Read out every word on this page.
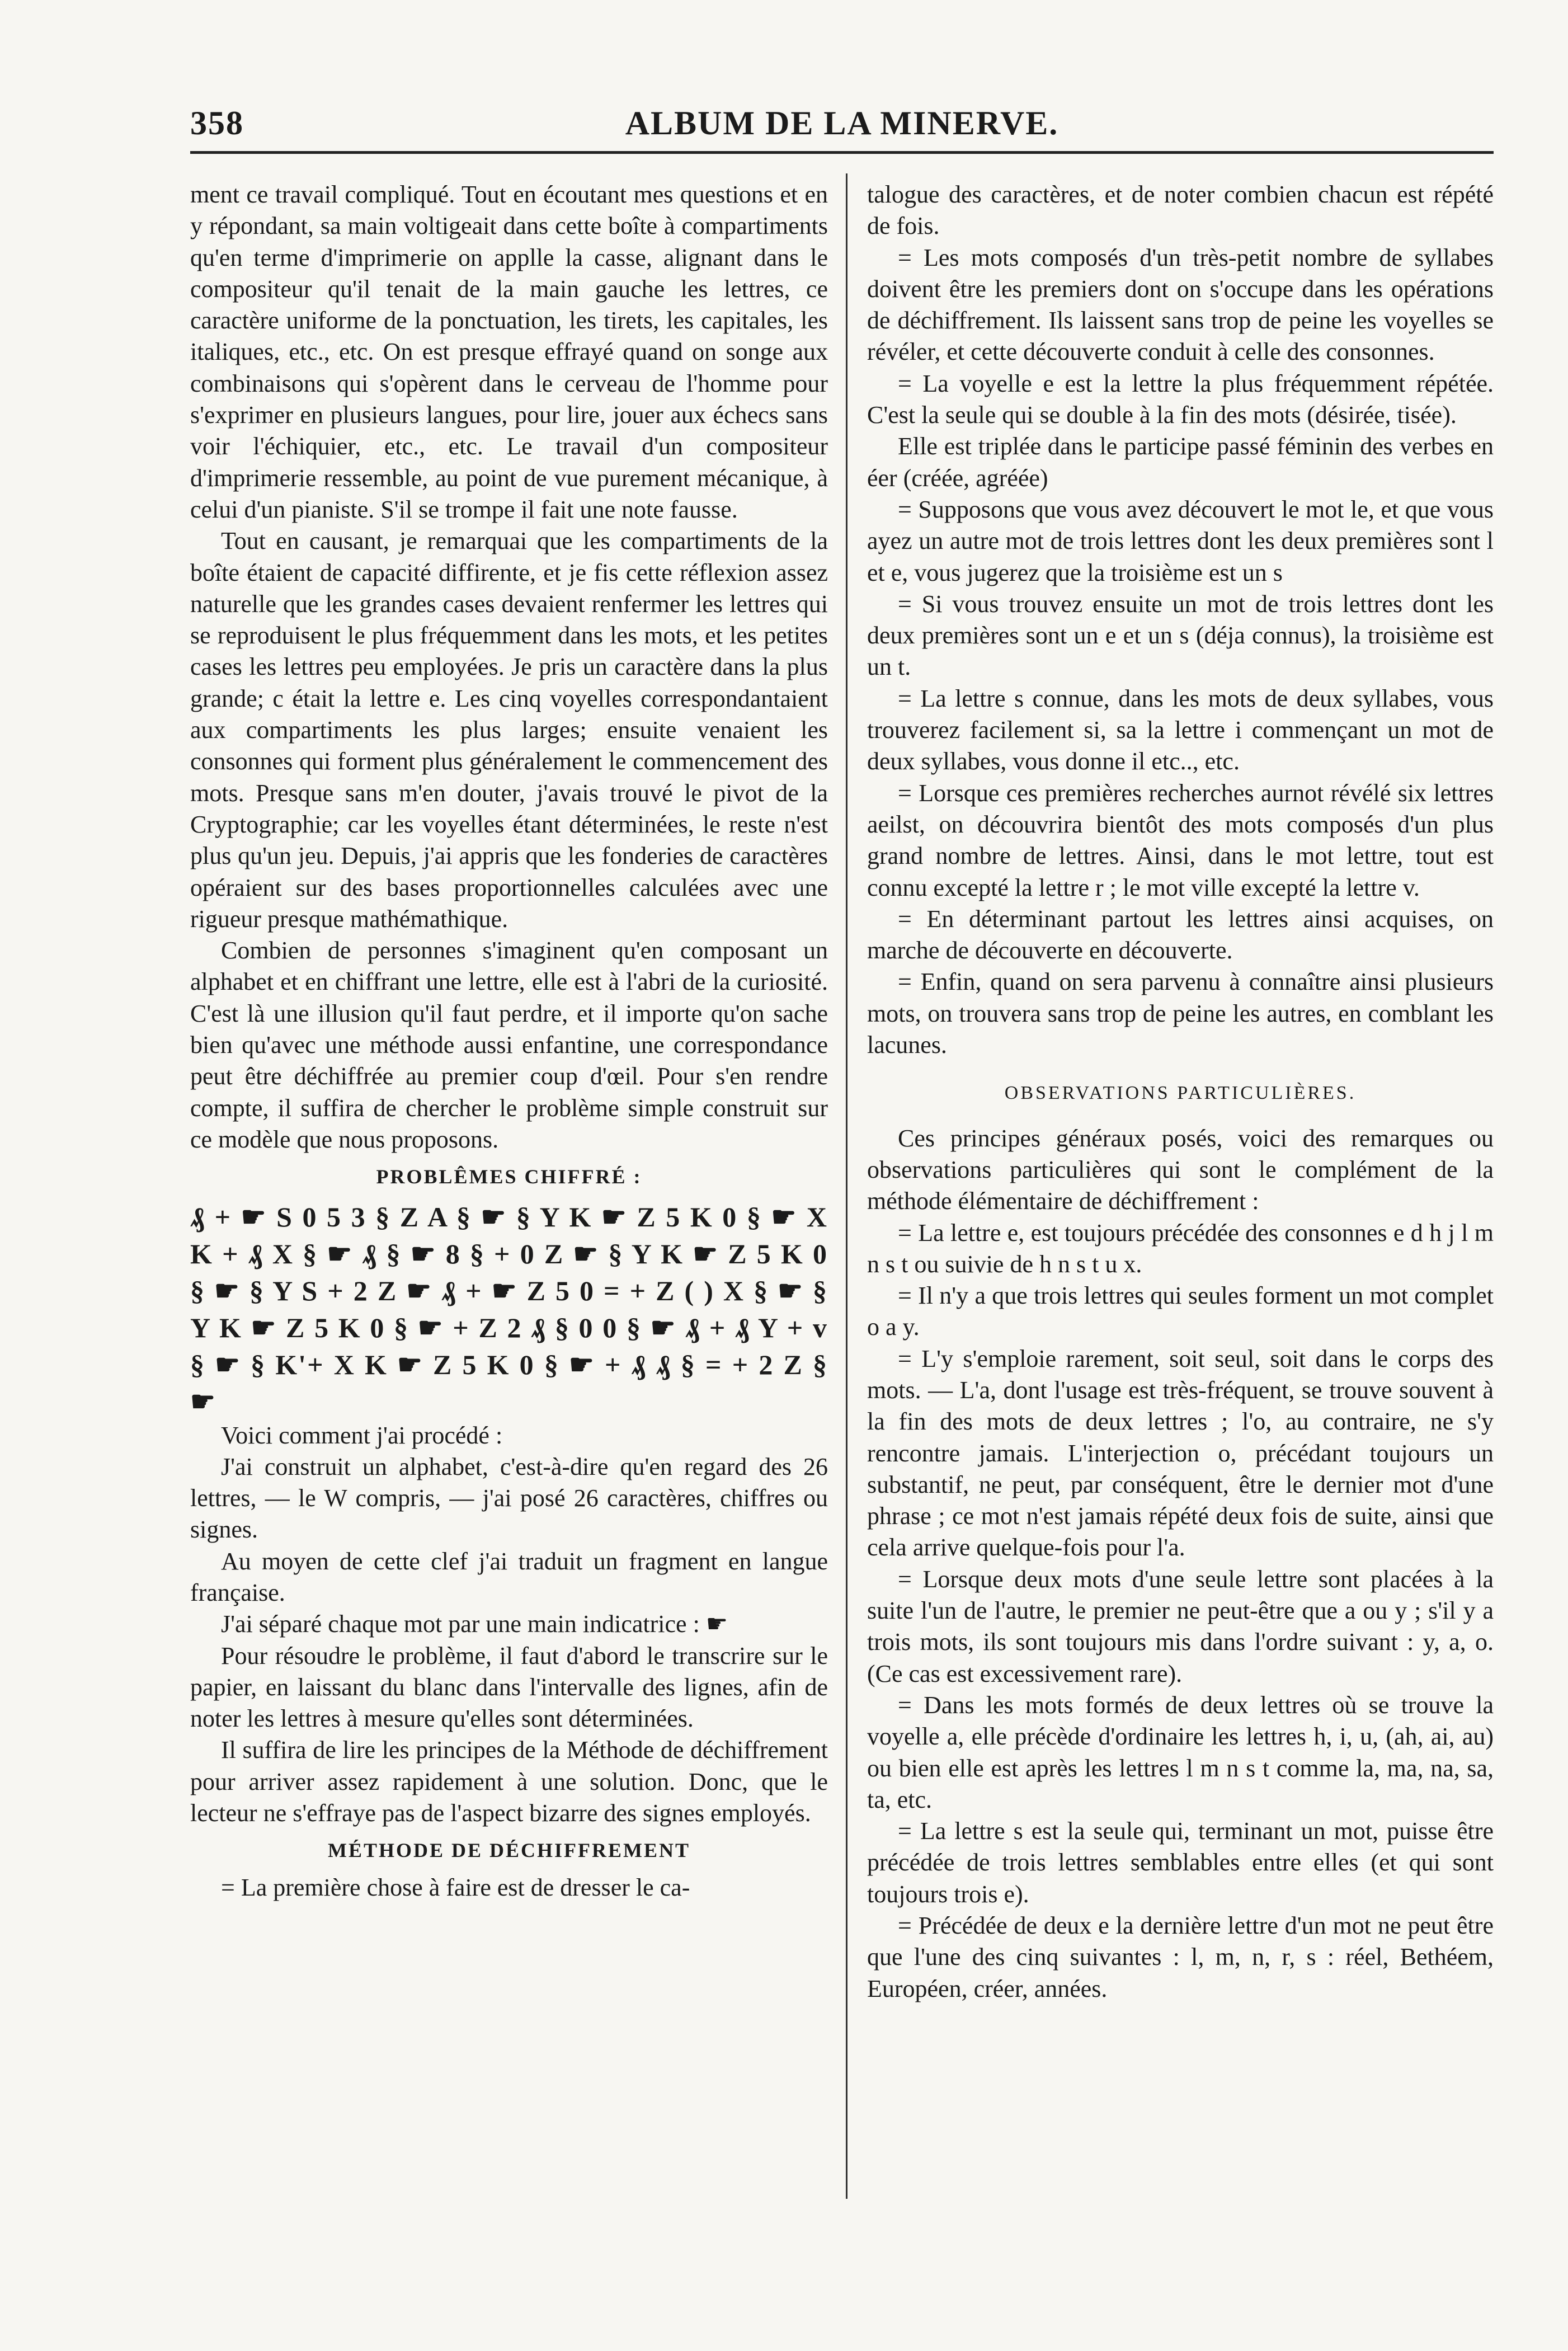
358	ALBUM DE LA MINERVE.

ment ce travail compliqué. Tout en écoutant mes questions et en y répondant, sa main voltigeait dans cette boîte à compartiments qu'en terme d'imprimerie on applle la casse, alignant dans le compositeur qu'il tenait de la main gauche les lettres, ce caractère uniforme de la ponctuation, les tirets, les capitales, les italiques, etc., etc. On est presque effrayé quand on songe aux combinaisons qui s'opèrent dans le cerveau de l'homme pour s'exprimer en plusieurs langues, pour lire, jouer aux échecs sans voir l'échiquier, etc., etc. Le travail d'un compositeur d'imprimerie ressemble, au point de vue purement mécanique, à celui d'un pianiste. S'il se trompe il fait une note fausse.

Tout en causant, je remarquai que les compartiments de la boîte étaient de capacité diffirente, et je fis cette réflexion assez naturelle que les grandes cases devaient renfermer les lettres qui se reproduisent le plus fréquemment dans les mots, et les petites cases les lettres peu employées. Je pris un caractère dans la plus grande; c était la lettre e. Les cinq voyelles correspondantaient aux compartiments les plus larges; ensuite venaient les consonnes qui forment plus généralement le commencement des mots. Presque sans m'en douter, j'avais trouvé le pivot de la Cryptographie; car les voyelles étant déterminées, le reste n'est plus qu'un jeu. Depuis, j'ai appris que les fonderies de caractères opéraient sur des bases proportionnelles calculées avec une rigueur presque mathémathique.

Combien de personnes s'imaginent qu'en composant un alphabet et en chiffrant une lettre, elle est à l'abri de la curiosité. C'est là une illusion qu'il faut perdre, et il importe qu'on sache bien qu'avec une méthode aussi enfantine, une correspondance peut être déchiffrée au premier coup d'œil. Pour s'en rendre compte, il suffira de chercher le problème simple construit sur ce modèle que nous proposons.

PROBLÊMES CHIFFRÉ :

₰ + ☛ S 0 5 3 § Z A § ☛ § Y K ☛ Z 5 K 0 § ☛ X K + ₰ X § ☛ ₰ § ☛ 8 § + 0 Z ☛ § Y K ☛ Z 5 K 0 § ☛ § Y S + 2 Z ☛ ₰ + ☛ Z 5 0 = + Z ( ) X § ☛ § Y K ☛ Z 5 K 0 § ☛ + Z 2 ₰ § 0 0 § ☛ ₰ + ₰ Y + v § ☛ § K'+ X K ☛ Z 5 K 0 § ☛ + ₰ ₰ § = + 2 Z § ☛

Voici comment j'ai procédé :

J'ai construit un alphabet, c'est-à-dire qu'en regard des 26 lettres, — le W compris, — j'ai posé 26 caractères, chiffres ou signes.

Au moyen de cette clef j'ai traduit un fragment en langue française.

J'ai séparé chaque mot par une main indicatrice : ☛

Pour résoudre le problème, il faut d'abord le transcrire sur le papier, en laissant du blanc dans l'intervalle des lignes, afin de noter les lettres à mesure qu'elles sont déterminées.

Il suffira de lire les principes de la Méthode de déchiffrement pour arriver assez rapidement à une solution. Donc, que le lecteur ne s'effraye pas de l'aspect bizarre des signes employés.

MÉTHODE DE DÉCHIFFREMENT

= La première chose à faire est de dresser le ca-

talogue des caractères, et de noter combien chacun est répété de fois.

= Les mots composés d'un très-petit nombre de syllabes doivent être les premiers dont on s'occupe dans les opérations de déchiffrement. Ils laissent sans trop de peine les voyelles se révéler, et cette découverte conduit à celle des consonnes.

= La voyelle e est la lettre la plus fréquemment répétée. C'est la seule qui se double à la fin des mots (désirée, tisée).

Elle est triplée dans le participe passé féminin des verbes en éer (créée, agréée)

= Supposons que vous avez découvert le mot le, et que vous ayez un autre mot de trois lettres dont les deux premières sont l et e, vous jugerez que la troisième est un s

= Si vous trouvez ensuite un mot de trois lettres dont les deux premières sont un e et un s (déja connus), la troisième est un t.

= La lettre s connue, dans les mots de deux syllabes, vous trouverez facilement si, sa la lettre i commençant un mot de deux syllabes, vous donne il etc.., etc.

= Lorsque ces premières recherches aurnot révélé six lettres aeilst, on découvrira bientôt des mots composés d'un plus grand nombre de lettres. Ainsi, dans le mot lettre, tout est connu excepté la lettre r ; le mot ville excepté la lettre v.

= En déterminant partout les lettres ainsi acquises, on marche de découverte en découverte.

= Enfin, quand on sera parvenu à connaître ainsi plusieurs mots, on trouvera sans trop de peine les autres, en comblant les lacunes.

OBSERVATIONS PARTICULIÈRES.

Ces principes généraux posés, voici des remarques ou observations particulières qui sont le complément de la méthode élémentaire de déchiffrement :

= La lettre e, est toujours précédée des consonnes e d h j l m n s t ou suivie de h n s t u x.

= Il n'y a que trois lettres qui seules forment un mot complet o a y.

= L'y s'emploie rarement, soit seul, soit dans le corps des mots. — L'a, dont l'usage est très-fréquent, se trouve souvent à la fin des mots de deux lettres ; l'o, au contraire, ne s'y rencontre jamais. L'interjection o, précédant toujours un substantif, ne peut, par conséquent, être le dernier mot d'une phrase ; ce mot n'est jamais répété deux fois de suite, ainsi que cela arrive quelque-fois pour l'a.

= Lorsque deux mots d'une seule lettre sont placées à la suite l'un de l'autre, le premier ne peut-être que a ou y ; s'il y a trois mots, ils sont toujours mis dans l'ordre suivant : y, a, o. (Ce cas est excessivement rare).

= Dans les mots formés de deux lettres où se trouve la voyelle a, elle précède d'ordinaire les lettres h, i, u, (ah, ai, au) ou bien elle est après les lettres l m n s t comme la, ma, na, sa, ta, etc.

= La lettre s est la seule qui, terminant un mot, puisse être précédée de trois lettres semblables entre elles (et qui sont toujours trois e).

= Précédée de deux e la dernière lettre d'un mot ne peut être que l'une des cinq suivantes : l, m, n, r, s : réel, Bethéem, Européen, créer, années.
